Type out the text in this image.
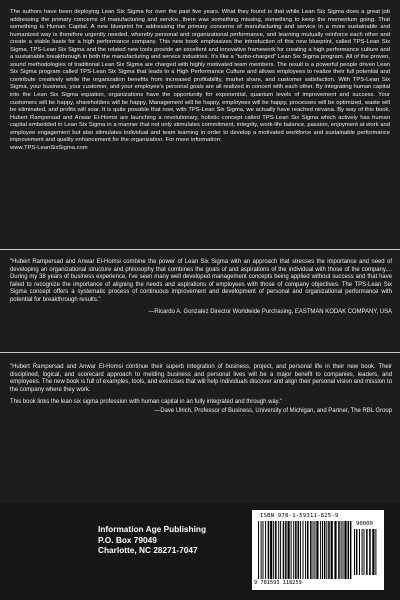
The authors have been deploying Lean Six Sigma for over the past five years. What they found is that while Lean Six Sigma does a great job addressing the primary concerns of manufacturing and service, there was something missing, something to keep the momentum going. That something is Human Capital. A new blueprint for addressing the primary concerns of manufacturing and service in a more sustainable and humanized way is therefore urgently needed, whereby personal and organizational performance, and learning mutually reinforce each other and create a stable basis for a high performance company. This new book emphasizes the introduction of this new blueprint, called TPS-Lean Six Sigma. TPS-Lean Six Sigma and the related new tools provide an excellent and innovative framework for creating a high performance culture and a sustainable breakthrough in both the manufacturing and service industries. It's like a "turbo-charged" Lean Six Sigma program. All of the proven, sound methodologies of traditional Lean Six Sigma are charged with highly motivated team members. The result is a powerful people driven Lean Six Sigma program called TPS-Lean Six Sigma that leads to a High Performance Culture and allows employees to realize their full potential and contribute creatively while the organization benefits from increased profitability, market share, and customer satisfaction. With TPS-Lean Six Sigma, your business, your customer, and your employee's personal goals are all realized in concert with each other. By integrating human capital into the Lean Six Sigma equation, organizations have the opportunity for exponential, quantum levels of improvement and success. Your customers will be happy, shareholders will be happy, Management will be happy, employees will be happy, processes will be optimized, waste will be eliminated, and profits will soar. It is quite possible that now, with TPS-Lean Six Sigma, we actually have reached nirvana. By way of this book, Hubert Rampersad and Anwar El-Homsi are launching a revolutionary, holistic concept called TPS-Lean Six Sigma which actively has human capital embedded in Lean Six Sigma in a manner that not only stimulates commitment, integrity, work-life balance, passion, enjoyment at work and employee engagement but also stimulates individual and team learning in order to develop a motivated workforce and sustainable performance improvement and quality enhancement for the organization. For more information:
www.TPS-LeanSixSigma.com

"Hubert Rampersad and Anwar El-Homsi combine the power of Lean Six Sigma with an approach that stresses the importance and need of developing an organizational structure and philosophy that combines the goals of and aspirations of the individual with those of the company.... During my 38 years of business experience, I've seen many well developed management concepts being applied without success and that have failed to recognize the importance of aligning the needs and aspirations of employees with those of company objectives. The TPS-Lean Six Sigma concept offers a systematic process of continuous improvement and development of personal and organizational performance with potential for breakthrough results."

—Ricardo A. Gonzalez Director Worldwide Purchasing, EASTMAN KODAK COMPANY, USA

"Hubert Rampersad and Anwar El-Homsi continue their superb integration of business, project, and personal life in their new book. Their disciplined, logical, and scorecard approach to melding business and personal lives will be a major benefit to companies, leaders, and employees. The new book is full of examples, tools, and exercises that will help individuals discover and align their personal vision and mission to the company where they work.

This book links the lean six sigma profession with human capital in an fully integrated and through way."

—Dave Ulrich, Professor of Business, University of Michigan, and Partner, The RBL Group
Information Age Publishing
P.O. Box 79049
Charlotte, NC 28271-7047
ISBN 978-1-59311-825-9
90000
9 781593 118259
